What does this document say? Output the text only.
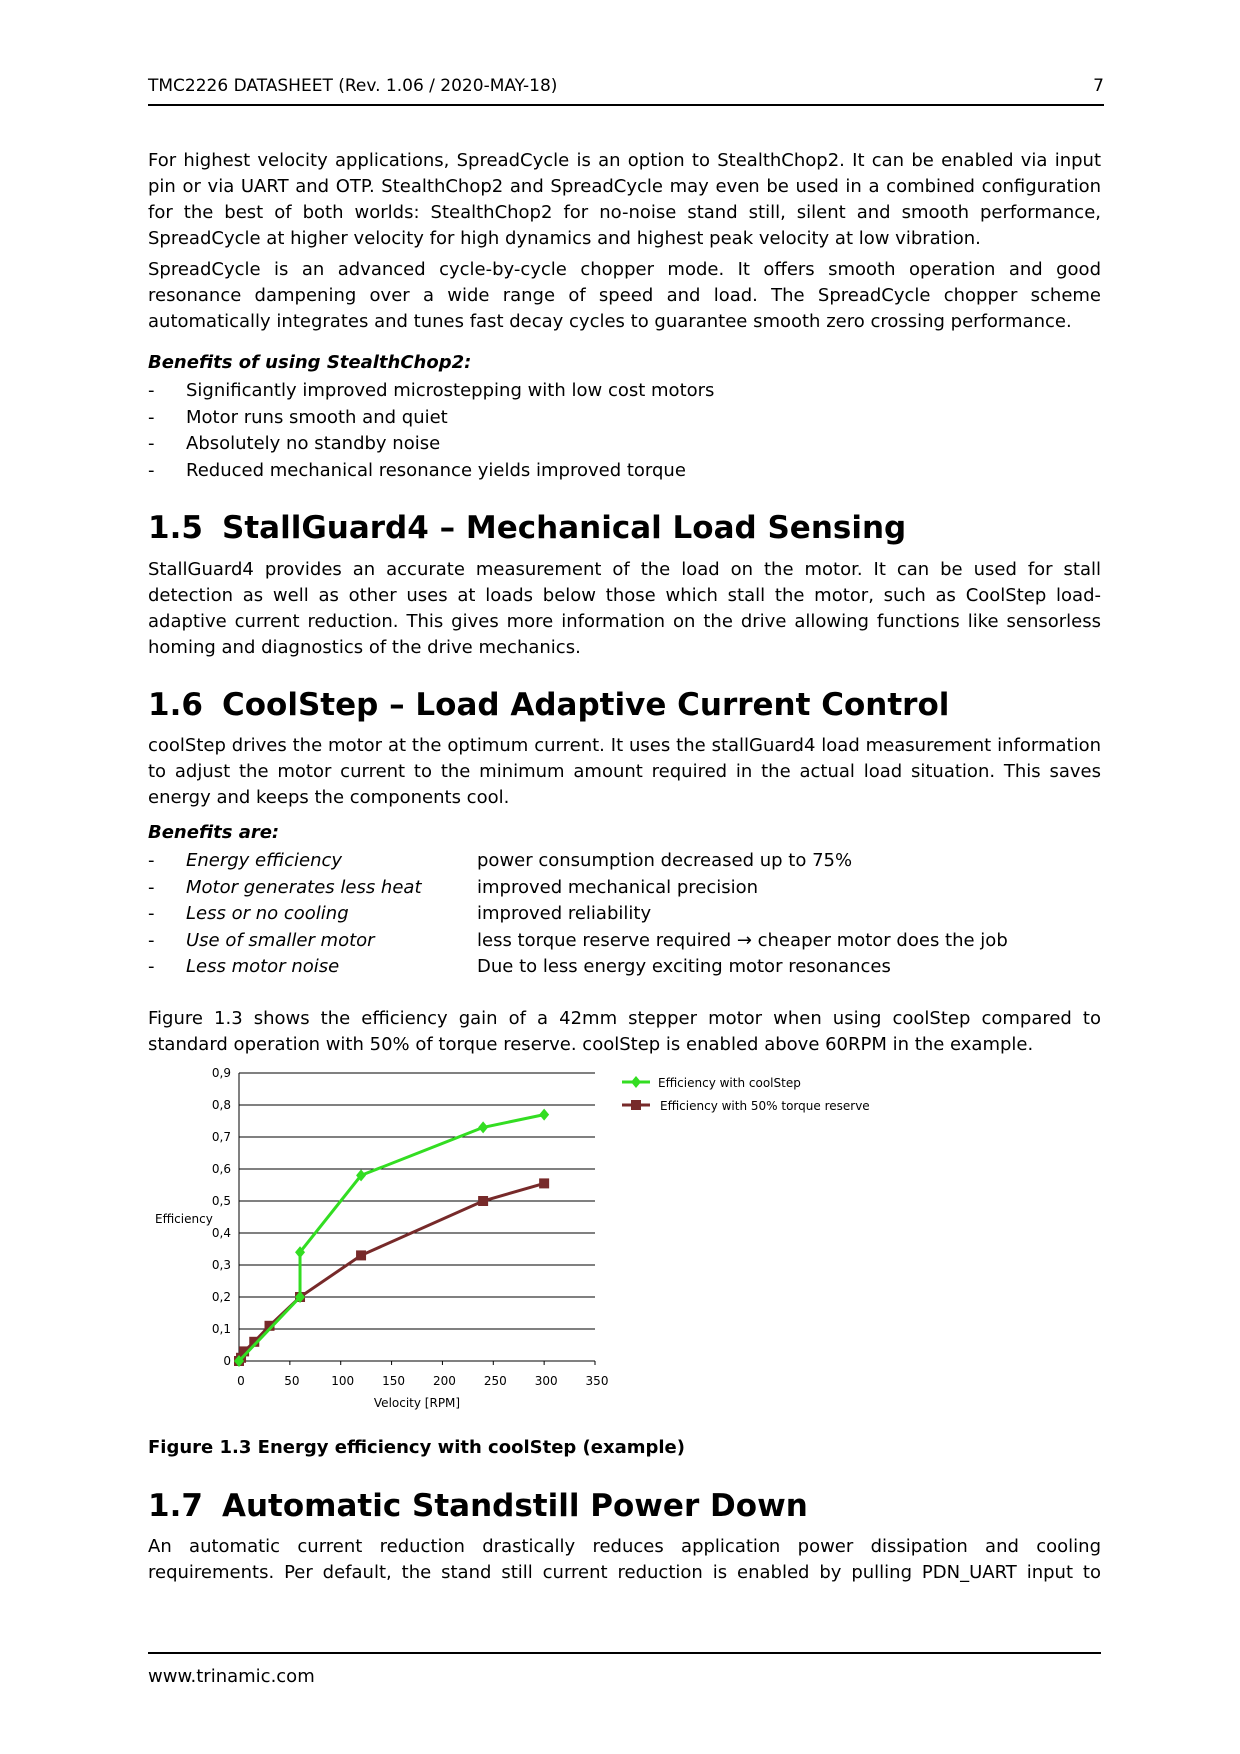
TMC2226 DATASHEET (Rev. 1.06 / 2020-MAY-18)	7
For highest velocity applications, SpreadCycle is an option to StealthChop2. It can be enabled via input
pin or via UART and OTP. StealthChop2 and SpreadCycle may even be used in a combined configuration
for the best of both worlds: StealthChop2 for no-noise stand still, silent and smooth performance,
SpreadCycle at higher velocity for high dynamics and highest peak velocity at low vibration.
SpreadCycle is an advanced cycle-by-cycle chopper mode. It offers smooth operation and good
resonance dampening over a wide range of speed and load. The SpreadCycle chopper scheme
automatically integrates and tunes fast decay cycles to guarantee smooth zero crossing performance.
Benefits of using StealthChop2:
- Significantly improved microstepping with low cost motors
- Motor runs smooth and quiet
- Absolutely no standby noise
- Reduced mechanical resonance yields improved torque
1.5 StallGuard4 – Mechanical Load Sensing
StallGuard4 provides an accurate measurement of the load on the motor. It can be used for stall
detection as well as other uses at loads below those which stall the motor, such as CoolStep load-
adaptive current reduction. This gives more information on the drive allowing functions like sensorless
homing and diagnostics of the drive mechanics.
1.6 CoolStep – Load Adaptive Current Control
coolStep drives the motor at the optimum current. It uses the stallGuard4 load measurement information
to adjust the motor current to the minimum amount required in the actual load situation. This saves
energy and keeps the components cool.
Benefits are:
- Energy efficiency	power consumption decreased up to 75%
- Motor generates less heat	improved mechanical precision
- Less or no cooling	improved reliability
- Use of smaller motor	less torque reserve required → cheaper motor does the job
- Less motor noise	Due to less energy exciting motor resonances
Figure 1.3 shows the efficiency gain of a 42mm stepper motor when using coolStep compared to
standard operation with 50% of torque reserve. coolStep is enabled above 60RPM in the example.
0
0,1
0,2
0,3
0,4
0,5
0,6
0,7
0,8
0,9
0	50	100 150 200 250 300 350
Velocity [RPM]
Efficiency
Efficiency with coolStep
Efficiency with 50% torque reserve
Figure 1.3 Energy efficiency with coolStep (example)
1.7 Automatic Standstill Power Down
An automatic current reduction drastically reduces application power dissipation and cooling
requirements. Per default, the stand still current reduction is enabled by pulling PDN_UART input to
www.trinamic.com
